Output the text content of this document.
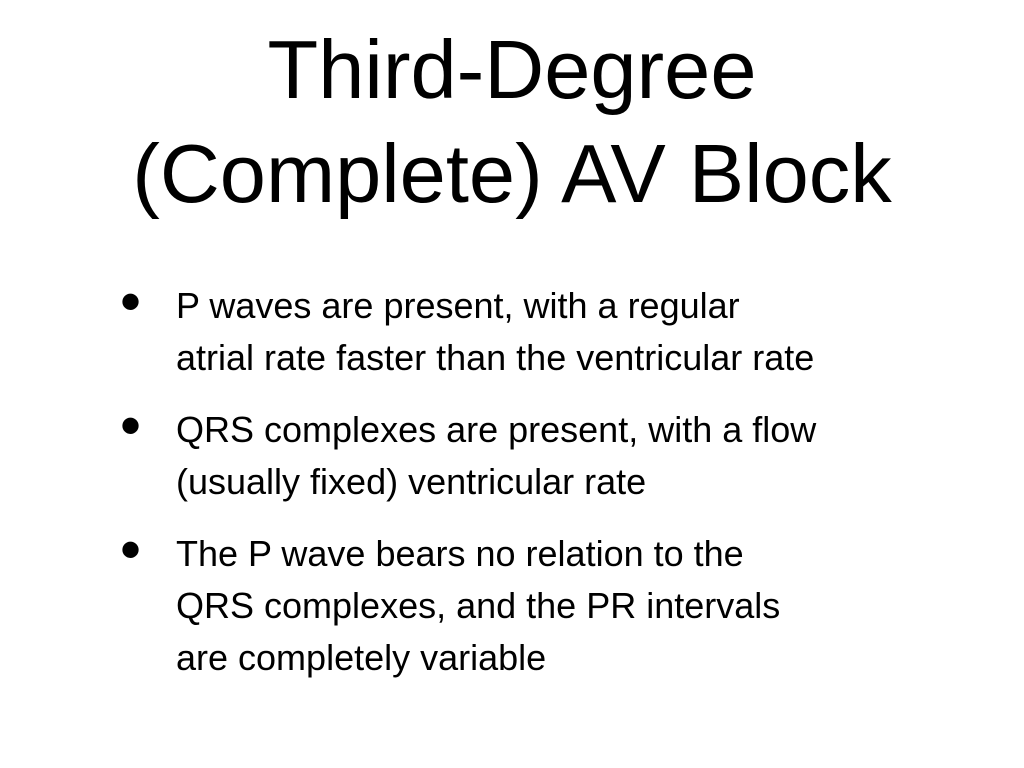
Third-Degree
(Complete) AV Block
• P waves are present, with a regular
atrial rate faster than the ventricular rate
• QRS complexes are present, with a flow
(usually fixed) ventricular rate
• The P wave bears no relation to the
QRS complexes, and the PR intervals
are completely variable
